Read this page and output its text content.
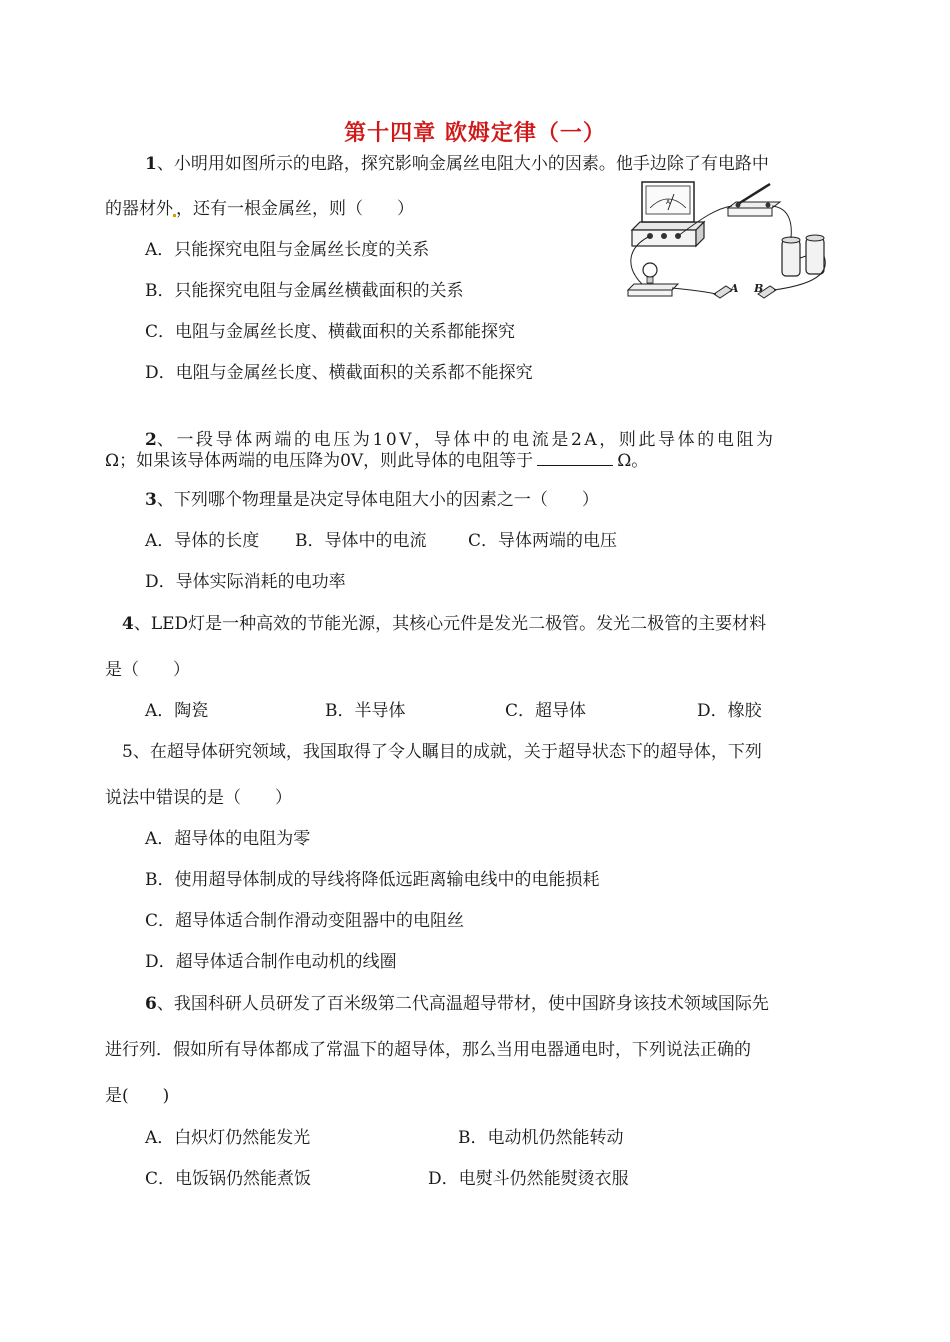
第十四章 欧姆定律（一）
1、小明用如图所示的电路，探究影响金属丝电阻大小的因素。他手边除了有电路中
的器材外 ，还有一根金属丝，则（　　）
A．只能探究电阻与金属丝长度的关系
B．只能探究电阻与金属丝横截面积的关系
C．电阻与金属丝长度、横截面积的关系都能探究
D．电阻与金属丝长度、横截面积的关系都不能探究
A
A B
2、一段导体两端的电压为10V，导体中的电流是2A，则此导体的电阻为
Ω；如果该导体两端的电压降为0V，则此导体的电阻等于	Ω。
3、下列哪个物理量是决定导体电阻大小的因素之一（　　）
A．导体的长度 B．导体中的电流 C．导体两端的电压
D．导体实际消耗的电功率
4、LED灯是一种高效的节能光源，其核心元件是发光二极管。发光二极管的主要材料
是（　　）
A．陶瓷	B．半导体	C．超导体	D．橡胶
5、在超导体研究领域，我国取得了令人瞩目的成就，关于超导状态下的超导体，下列
说法中错误的是（　　）
A．超导体的电阻为零
B．使用超导体制成的导线将降低远距离输电线中的电能损耗
C．超导体适合制作滑动变阻器中的电阻丝
D．超导体适合制作电动机的线圈
6、我国科研人员研发了百米级第二代高温超导带材，使中国跻身该技术领域国际先
进行列．假如所有导体都成了常温下的超导体，那么当用电器通电时，下列说法正确的
是(　　)
A．白炽灯仍然能发光	B．电动机仍然能转动
C．电饭锅仍然能煮饭	D．电熨斗仍然能熨烫衣服
